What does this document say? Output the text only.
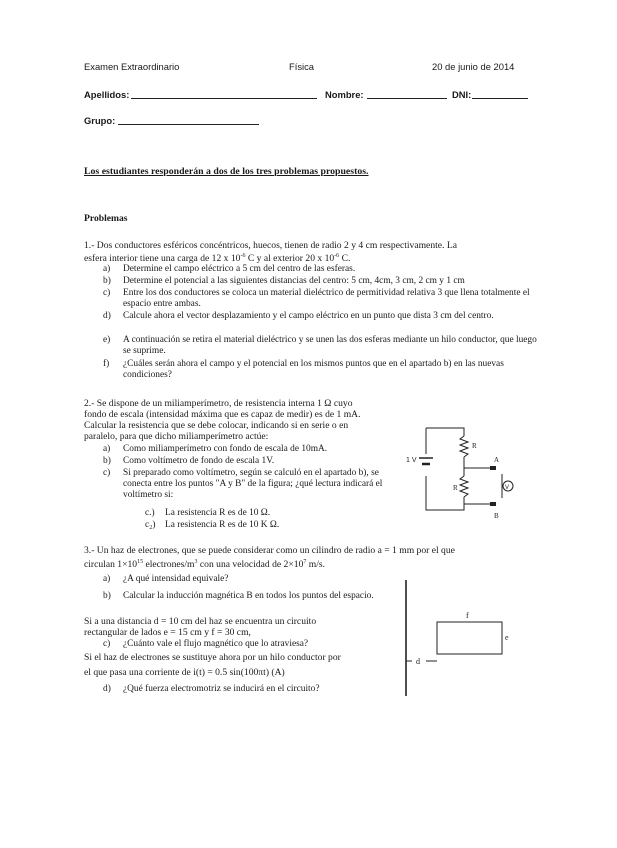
Examen Extraordinario	Física	20 de junio de 2014
Apellidos:	Nombre:	DNI:
Grupo:
Los estudiantes responderán a dos de los tres problemas propuestos.
Problemas
1.- Dos conductores esféricos concéntricos, huecos, tienen de radio 2 y 4 cm respectivamente. La
esfera interior tiene una carga de 12 x $10^{-6}$ C y al exterior 20 x $10^{-6}$ C.
a) Determine el campo eléctrico a 5 cm del centro de las esferas.
b) Determine el potencial a las siguientes distancias del centro: 5 cm, 4cm, 3 cm, 2 cm y 1 cm
c) Entre los dos conductores se coloca un material dieléctrico de permitividad relativa 3 que llena totalmente el espacio entre ambas.
d) Calcule ahora el vector desplazamiento y el campo eléctrico en un punto que dista 3 cm del centro.
e) A continuación se retira el material dieléctrico y se unen las dos esferas mediante un hilo conductor, que luego se suprime.
f) ¿Cuáles serán ahora el campo y el potencial en los mismos puntos que en el apartado b) en las nuevas condiciones?
2.- Se dispone de un miliamperímetro, de resistencia interna 1 Ω cuyo
fondo de escala (intensidad máxima que es capaz de medir) es de 1 mA.
Calcular la resistencia que se debe colocar, indicando si en serie o en
paralelo, para que dicho miliamperímetro actúe:
a) Como miliamperímetro con fondo de escala de 10mA.
b) Como voltímetro de fondo de escala 1V.
c) Si preparado como voltímetro, según se calculó en el apartado b), se conecta entre los puntos "A y B" de la figura; ¿qué lectura indicará el voltímetro si:
c.) La resistencia R es de 10 Ω.
c₂) La resistencia R es de 10 K Ω.
1 V
R
R
A
B
V
3.- Un haz de electrones, que se puede considerar como un cilindro de radio a = 1 mm por el que
circulan $1\times 10^{15}$ electrones/$m^3$ con una velocidad de $2\times 10^7$ m/s.
a) ¿A qué intensidad equivale?
b) Calcular la inducción magnética B en todos los puntos del espacio.
Si a una distancia d = 10 cm del haz se encuentra un circuito
rectangular de lados e = 15 cm y f = 30 cm,
c) ¿Cuánto vale el flujo magnético que lo atraviesa?
Si el haz de electrones se sustituye ahora por un hilo conductor por
el que pasa una corriente de i(t) = 0.5 sin(100πt) (A)
d) ¿Qué fuerza electromotriz se inducirá en el circuito?
f
e
d
